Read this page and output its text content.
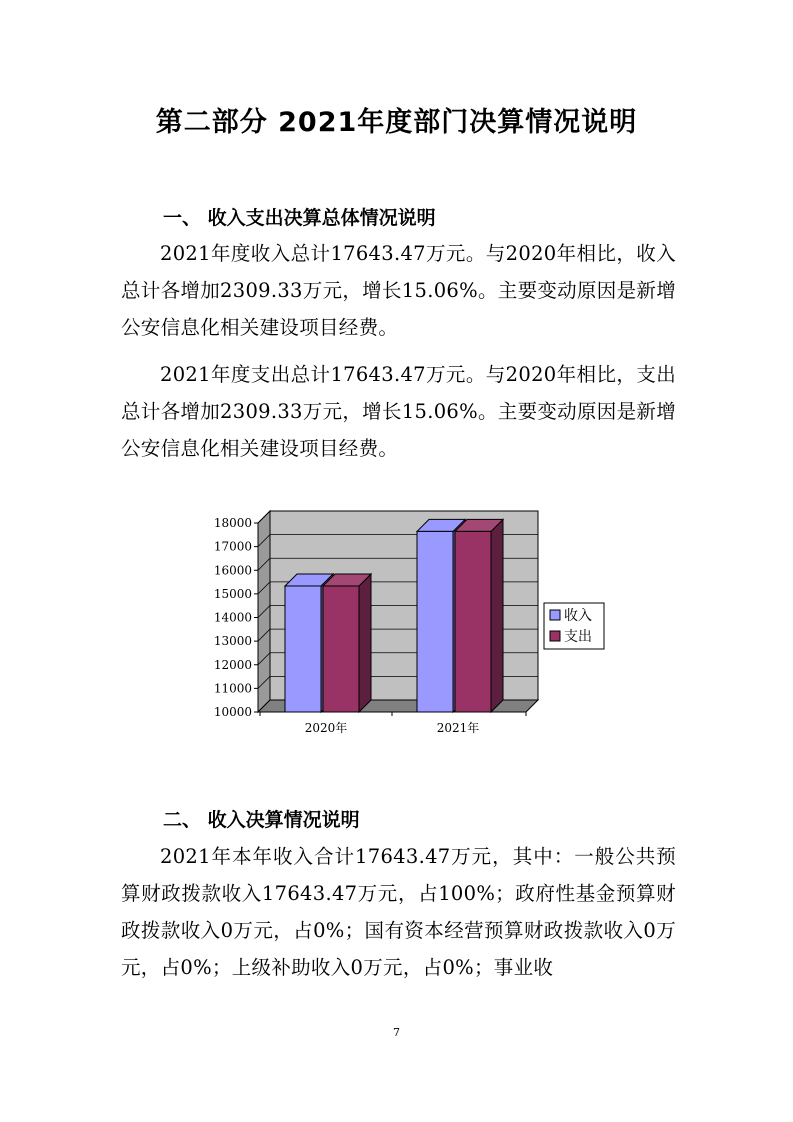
第二部分 2021年度部门决算情况说明
一、 收入支出决算总体情况说明
2021年度收入总计17643.47万元。与2020年相比，收入总计各增加2309.33万元，增长15.06%。主要变动原因是新增公安信息化相关建设项目经费。
2021年度支出总计17643.47万元。与2020年相比，支出总计各增加2309.33万元，增长15.06%。主要变动原因是新增公安信息化相关建设项目经费。
10000
11000
12000
13000
14000
15000
16000
17000
18000
2020年	2021年
收入
支出
二、 收入决算情况说明
2021年本年收入合计17643.47万元，其中：一般公共预算财政拨款收入17643.47万元，占100%；政府性基金预算财政拨款收入0万元，占0%；国有资本经营预算财政拨款收入0万元，占0%；上级补助收入0万元，占0%；事业收
7
